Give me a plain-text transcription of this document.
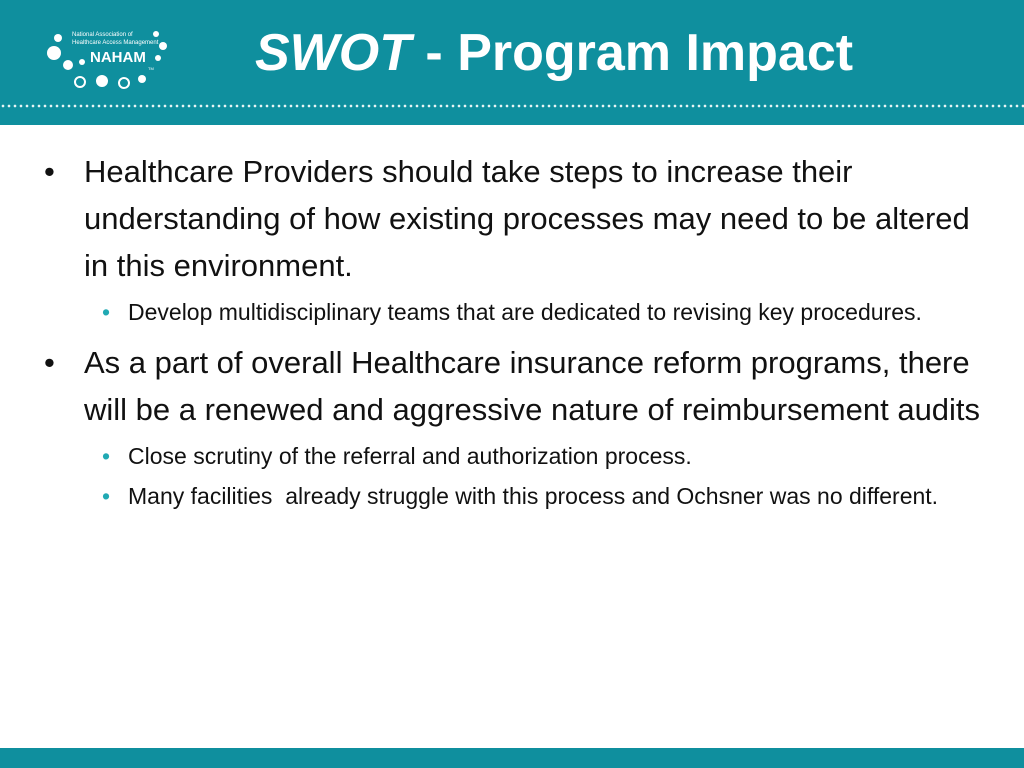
National Association of
Healthcare Access Management
NAHAM
TM SWOT - Program Impact
• Healthcare Providers should take steps to increase their understanding of how existing processes may need to be altered in this environment.
• Develop multidisciplinary teams that are dedicated to revising key procedures.
• As a part of overall Healthcare insurance reform programs, there will be a renewed and aggressive nature of reimbursement audits
• Close scrutiny of the referral and authorization process.
• Many facilities  already struggle with this process and Ochsner was no different.
